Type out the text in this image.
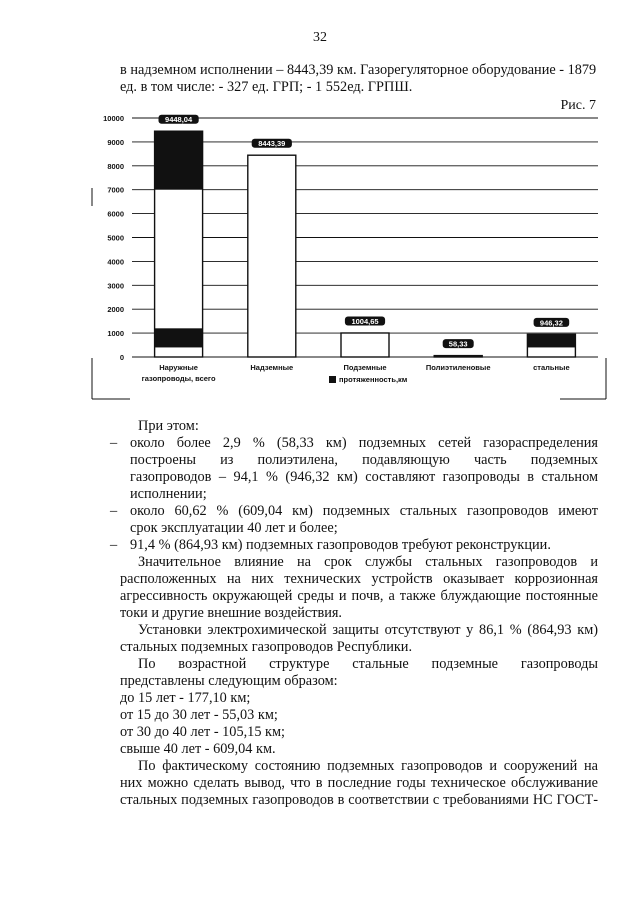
32

в надземном исполнении – 8443,39 км. Газорегуляторное оборудование - 1879

ед. в том числе: - 327 ед. ГРП; - 1 552ед. ГРПШ.

Рис. 7
0
1000
2000
3000
4000
5000
6000
7000
8000
9000
10000	9448,04
Наружные
газопроводы, всего
8443,39
Надземные
1004,65
Подземные
58,33
Полиэтиленовые
946,32
стальные
протяженность,км

При этом:

– около более 2,9 % (58,33 км) подземных сетей газораспределения
построены из полиэтилена, подавляющую часть подземных
газопроводов – 94,1 % (946,32 км) составляют газопроводы в стальном
исполнении;
– около 60,62 % (609,04 км) подземных стальных газопроводов имеют
срок эксплуатации 40 лет и более;
– 91,4 % (864,93 км) подземных газопроводов требуют реконструкции.

Значительное влияние на срок службы стальных газопроводов и

расположенных на них технических устройств оказывает коррозионная

агрессивность окружающей среды и почв, а также блуждающие постоянные

токи и другие внешние воздействия.

Установки электрохимической защиты отсутствуют у 86,1 % (864,93 км)

стальных подземных газопроводов Республики.

По возрастной структуре стальные подземные газопроводы

представлены следующим образом:

до 15 лет - 177,10 км;
от 15 до 30 лет - 55,03 км;
от 30 до 40 лет - 105,15 км;
свыше 40 лет - 609,04 км.

По фактическому состоянию подземных газопроводов и сооружений на

них можно сделать вывод, что в последние годы техническое обслуживание

стальных подземных газопроводов в соответствии с требованиями НС ГОСТ-
